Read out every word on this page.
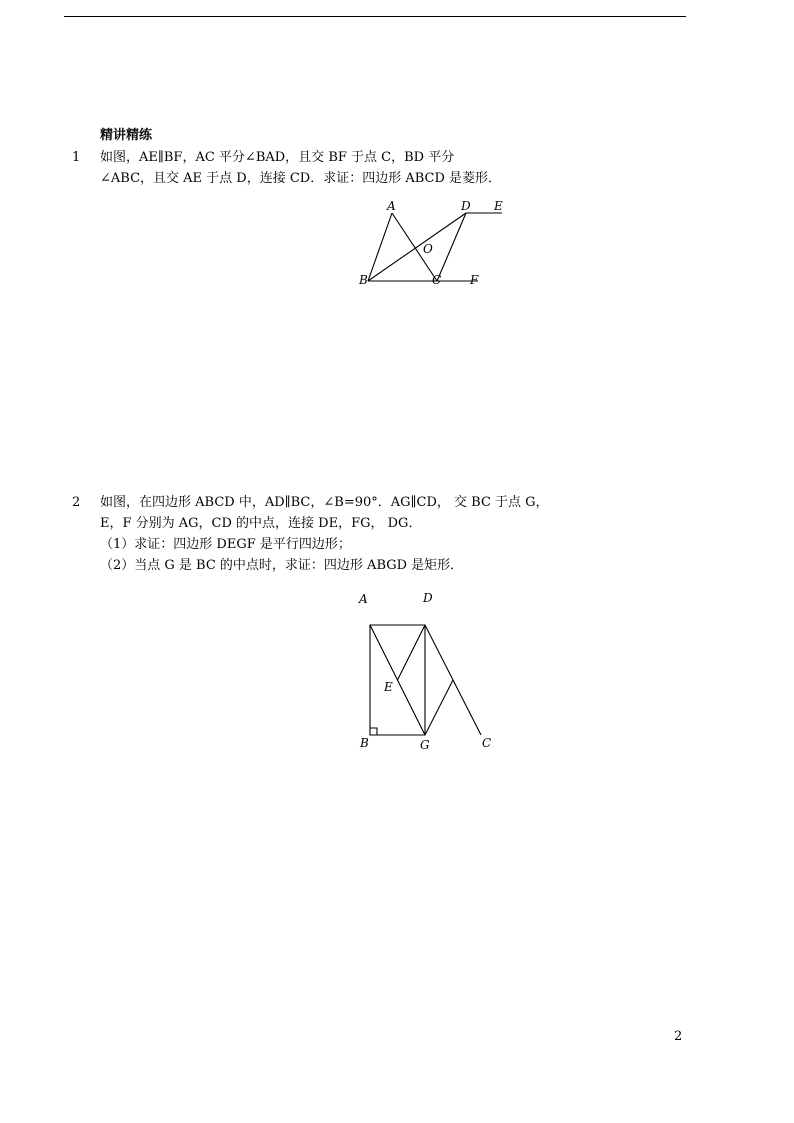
精讲精练
1 如图，AE∥BF，AC 平分∠BAD，且交 BF 于点 C，BD 平分
∠ABC，且交 AE 于点 D，连接 CD．求证：四边形 ABCD 是菱形．
A	D E
O
B	C F
2 如图，在四边形 ABCD 中，AD∥BC，∠B=90°．AG∥CD， 交 BC 于点 G，
E，F 分别为 AG，CD 的中点，连接 DE，FG， DG．
（1）求证：四边形 DEGF 是平行四边形；
（2）当点 G 是 BC 的中点时，求证：四边形 ABGD 是矩形．
A	D
E
B	G	C
2
